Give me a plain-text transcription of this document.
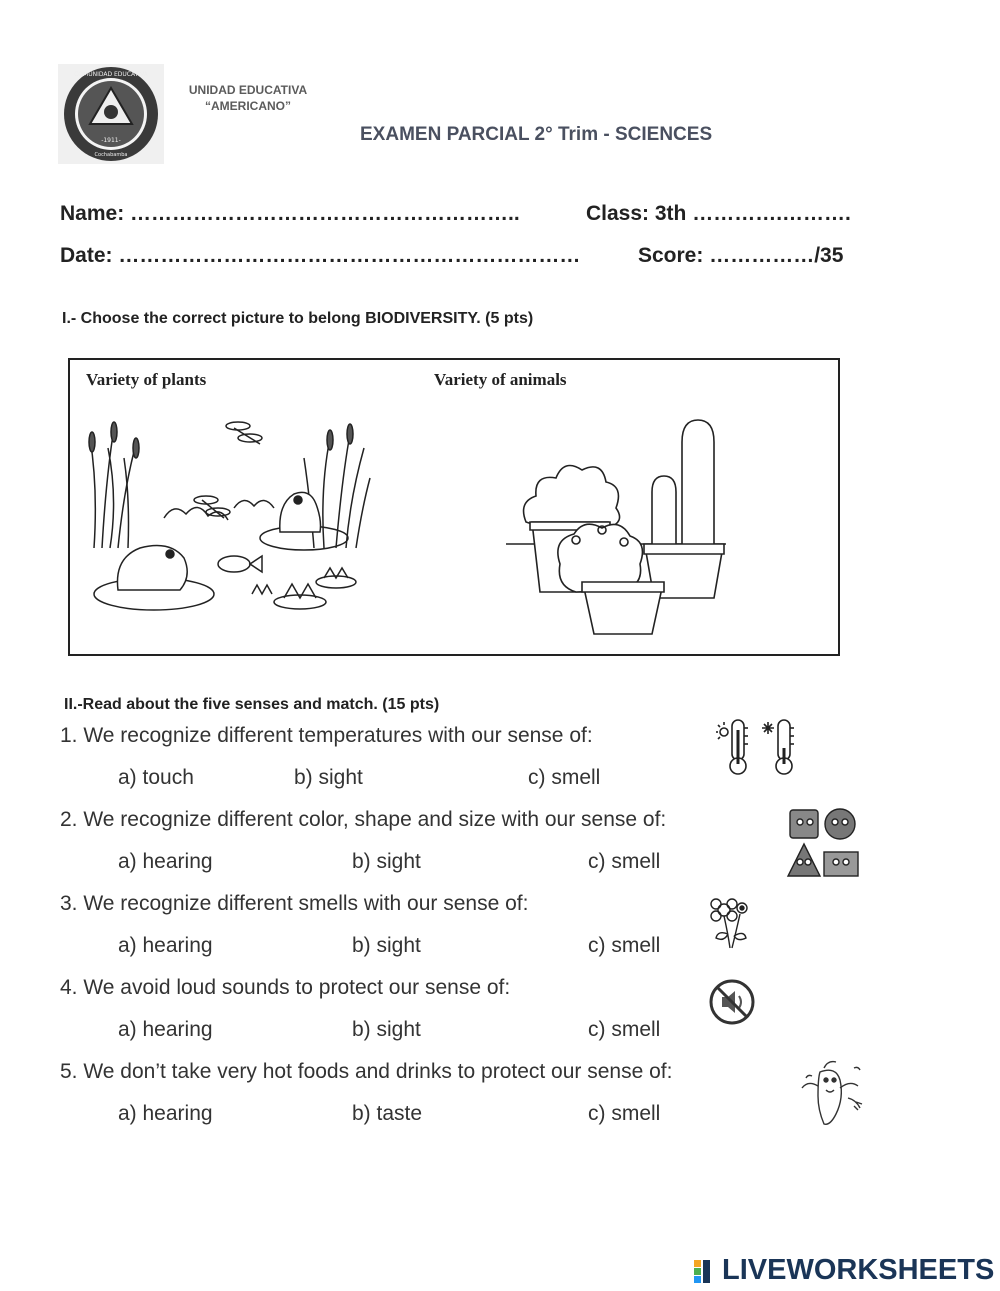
COMUNIDAD EDUCATIVA
-1911-
Cochabamba
UNIDAD EDUCATIVA
“AMERICANO”
EXAMEN PARCIAL 2° Trim - SCIENCES
Name: ………………………………………………..	Class: 3th ………….……….
Date: …………………………………………………………	Score: ……………/35
I.- Choose the correct picture to belong BIODIVERSITY. (5 pts)
Variety of plants	Variety of animals
II.-Read about the five senses and match. (15 pts)
1. We recognize different temperatures with our sense of:
a) touch	b) sight	c) smell
2. We recognize different color, shape and size with our sense of:
a) hearing	b) sight	c) smell
3. We recognize different smells with our sense of:
a) hearing	b) sight	c) smell
4. We avoid loud sounds to protect our sense of:
a) hearing	b) sight	c) smell
5. We don’t take very hot foods and drinks to protect our sense of:
a) hearing	b) taste	c) smell
LIVEWORKSHEETS
